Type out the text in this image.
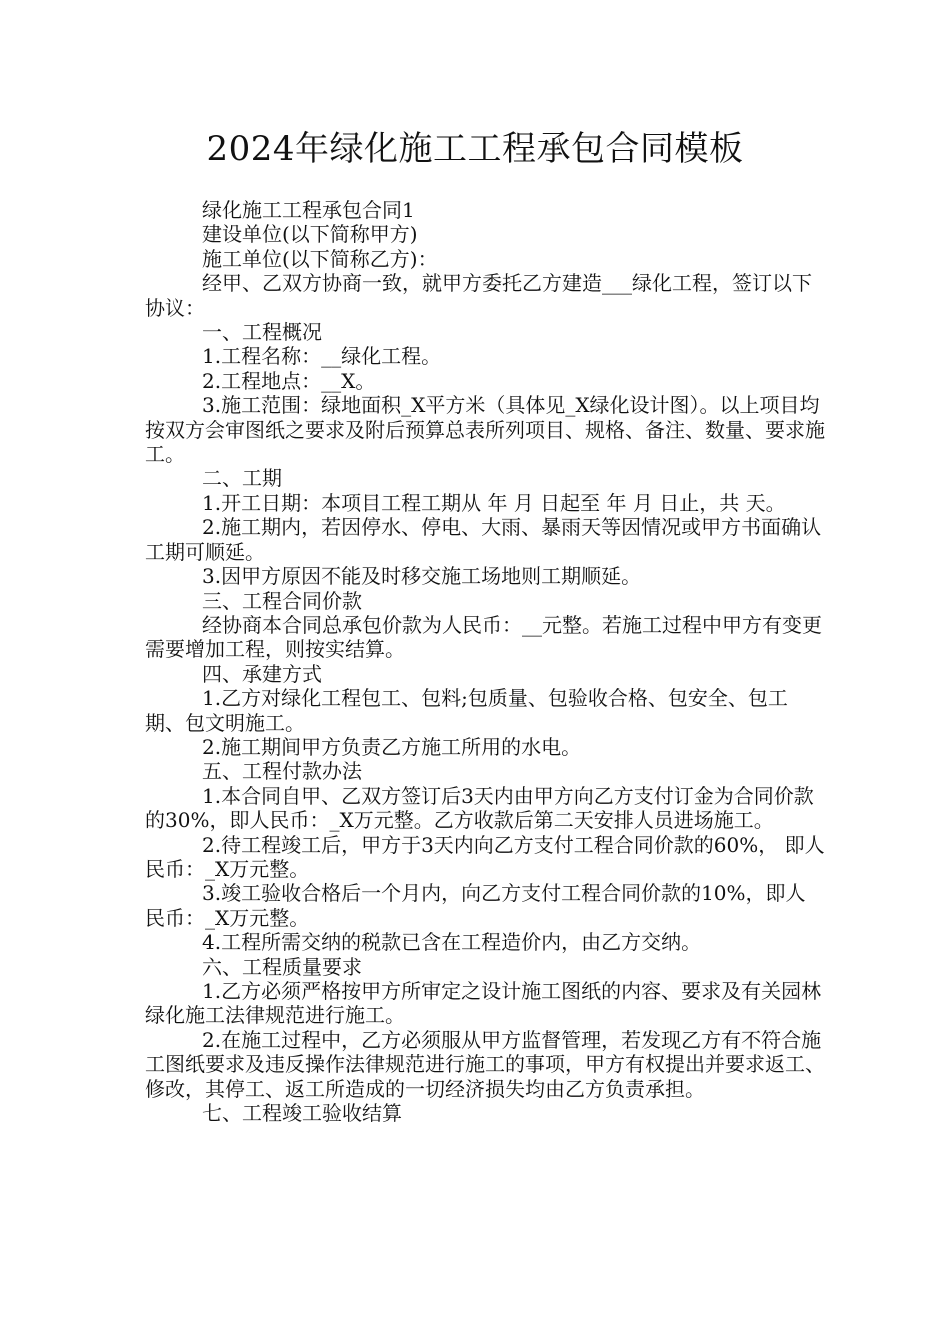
2024年绿化施工工程承包合同模板

绿化施工工程承包合同1

建设单位(以下简称甲方)

施工单位(以下简称乙方)：

经甲、乙双方协商一致，就甲方委托乙方建造___绿化工程，签订以下协议：

一、工程概况

1.工程名称：__绿化工程。

2.工程地点：__X。

3.施工范围：绿地面积_X平方米（具体见_X绿化设计图）。以上项目均按双方会审图纸之要求及附后预算总表所列项目、规格、备注、数量、要求施工。

二、工期

1.开工日期：本项目工程工期从 年 月 日起至 年 月 日止，共 天。

2.施工期内，若因停水、停电、大雨、暴雨天等因情况或甲方书面确认工期可顺延。

3.因甲方原因不能及时移交施工场地则工期顺延。

三、工程合同价款

经协商本合同总承包价款为人民币：__元整。若施工过程中甲方有变更需要增加工程，则按实结算。

四、承建方式

1.乙方对绿化工程包工、包料;包质量、包验收合格、包安全、包工期、包文明施工。

2.施工期间甲方负责乙方施工所用的水电。

五、工程付款办法

1.本合同自甲、乙双方签订后3天内由甲方向乙方支付订金为合同价款的30%，即人民币：_X万元整。乙方收款后第二天安排人员进场施工。

2.待工程竣工后，甲方于3天内向乙方支付工程合同价款的60%， 即人民币：_X万元整。

3.竣工验收合格后一个月内，向乙方支付工程合同价款的10%，即人民币：_X万元整。

4.工程所需交纳的税款已含在工程造价内，由乙方交纳。

六、工程质量要求

1.乙方必须严格按甲方所审定之设计施工图纸的内容、要求及有关园林绿化施工法律规范进行施工。

2.在施工过程中，乙方必须服从甲方监督管理，若发现乙方有不符合施工图纸要求及违反操作法律规范进行施工的事项，甲方有权提出并要求返工、修改，其停工、返工所造成的一切经济损失均由乙方负责承担。

七、工程竣工验收结算
